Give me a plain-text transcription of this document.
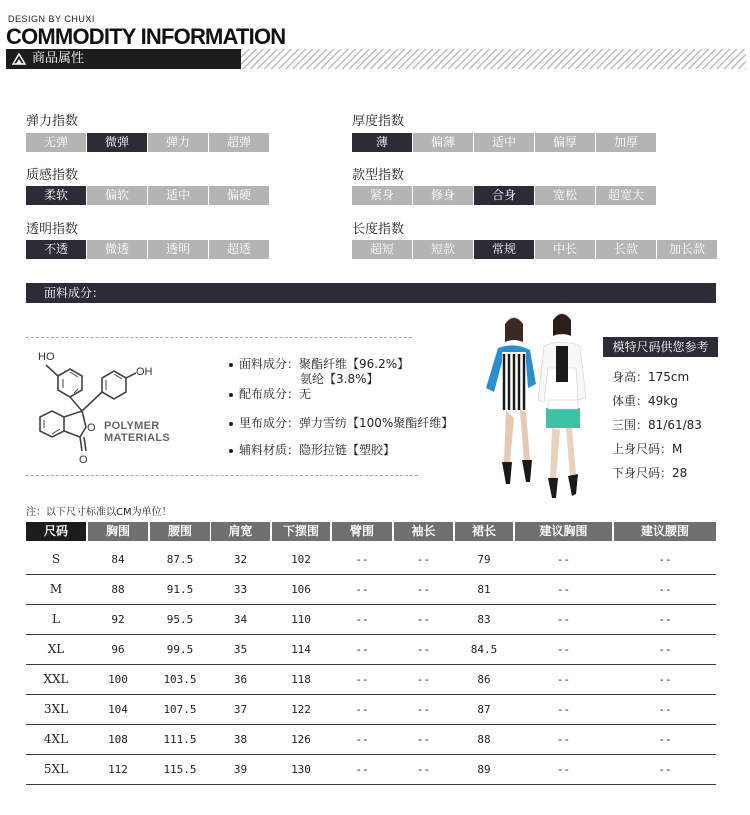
DESIGN BY CHUXI
COMMODITY INFORMATION
商品属性
弹力指数
无弹	微弹	弹力	超弹
厚度指数
薄	偏薄	适中	偏厚	加厚
质感指数
柔软	偏软	适中	偏硬
款型指数
紧身	修身	合身	宽松	超宽大
透明指数
不透	微透	透明	超透
长度指数
超短	短款	常规	中长	长款	加长款
面料成分：
HO
OH
O
O
POLYMER
MATERIALS
面料成分：聚酯纤维【96.2%】
氨纶【3.8%】
配布成分：无
里布成分：弹力雪纺【100%聚酯纤维】
辅料材质：隐形拉链【塑胶】
模特尺码供您参考
身高：175cm
体重：49kg
三围：81/61/83
上身尺码：M
下身尺码：28
注：以下尺寸标准以CM为单位！
尺码	胸围	腰围	肩宽	下摆围	臂围	袖长	裙长	建议胸围	建议腰围
S	84	87.5	32	102	--	--	79	--	--
M	88	91.5	33	106	--	--	81	--	--
L	92	95.5	34	110	--	--	83	--	--
XL	96	99.5	35	114	--	--	84.5	--	--
XXL	100	103.5	36	118	--	--	86	--	--
3XL	104	107.5	37	122	--	--	87	--	--
4XL	108	111.5	38	126	--	--	88	--	--
5XL	112	115.5	39	130	--	--	89	--	--
